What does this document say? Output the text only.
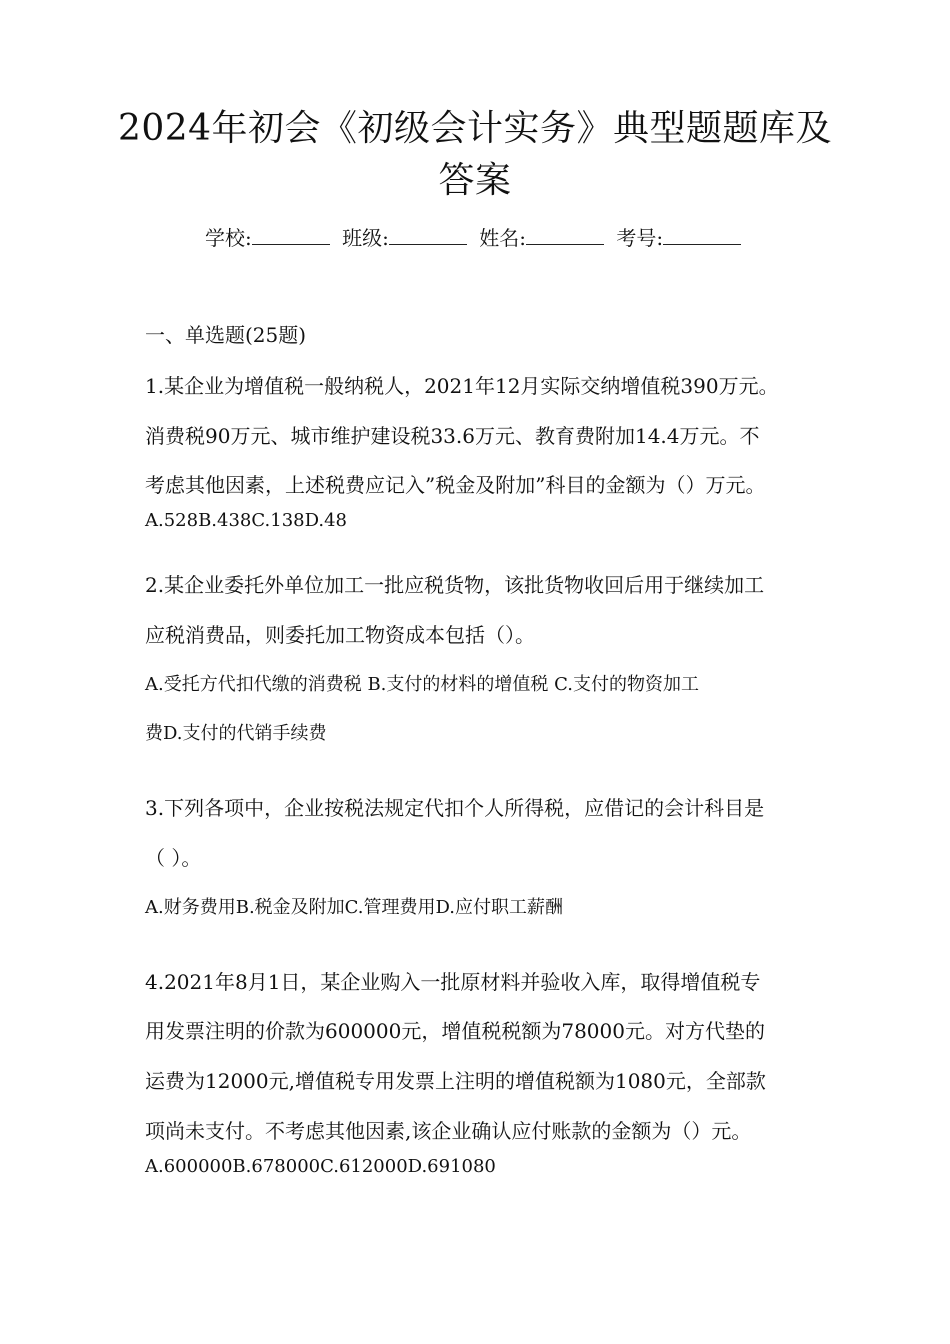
2024年初会《初级会计实务》典型题题库及
答案
学校:	班级:	姓名:	考号:
一、单选题(25题)
1.某企业为增值税一般纳税人，2021年12月实际交纳增值税390万元。
消费税90万元、城市维护建设税33.6万元、教育费附加14.4万元。不
考虑其他因素，上述税费应记入”税金及附加”科目的金额为（）万元。
A.528B.438C.138D.48
2.某企业委托外单位加工一批应税货物，该批货物收回后用于继续加工
应税消费品，则委托加工物资成本包括（）。
A.受托方代扣代缴的消费税 B.支付的材料的增值税 C.支付的物资加工
费D.支付的代销手续费
3.下列各项中，企业按税法规定代扣个人所得税，应借记的会计科目是
（ ）。
A.财务费用B.税金及附加C.管理费用D.应付职工薪酬
4.2021年8月1日，某企业购入一批原材料并验收入库，取得增值税专
用发票注明的价款为600000元，增值税税额为78000元。对方代垫的
运费为12000元,增值税专用发票上注明的增值税额为1080元，全部款
项尚未支付。不考虑其他因素,该企业确认应付账款的金额为（）元。
A.600000B.678000C.612000D.691080
